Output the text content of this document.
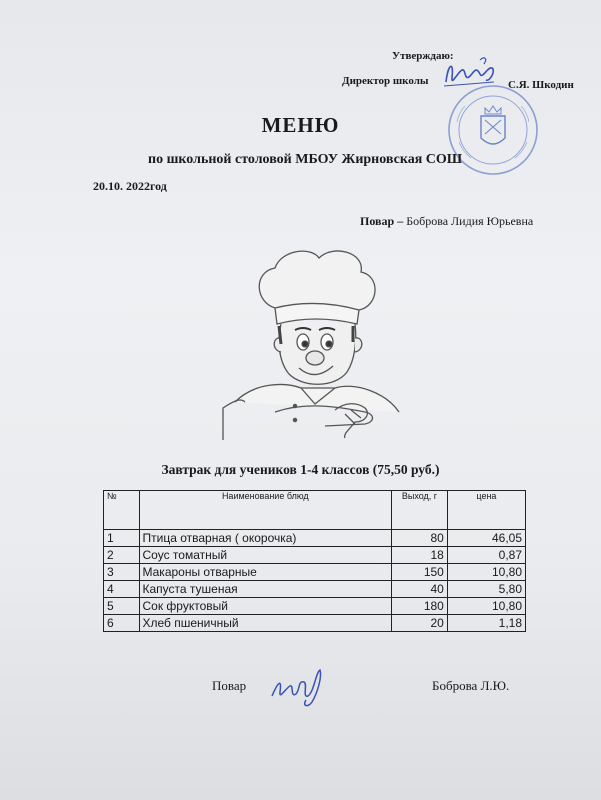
Утверждаю:
Директор школы	С.Я. Шкодин
МЕНЮ
по школьной столовой МБОУ Жирновская СОШ
20.10. 2022год
Повар – Боброва Лидия Юрьевна
Завтрак для учеников 1-4 классов (75,50 руб.)
№	Наименование блюд	Выход, г	цена
1	Птица отварная ( окорочка)	80	46,05
2	Соус томатный	18	0,87
3	Макароны отварные	150	10,80
4	Капуста тушеная	40	5,80
5	Сок фруктовый	180	10,80
6	Хлеб пшеничный	20	1,18
Повар	Боброва Л.Ю.
